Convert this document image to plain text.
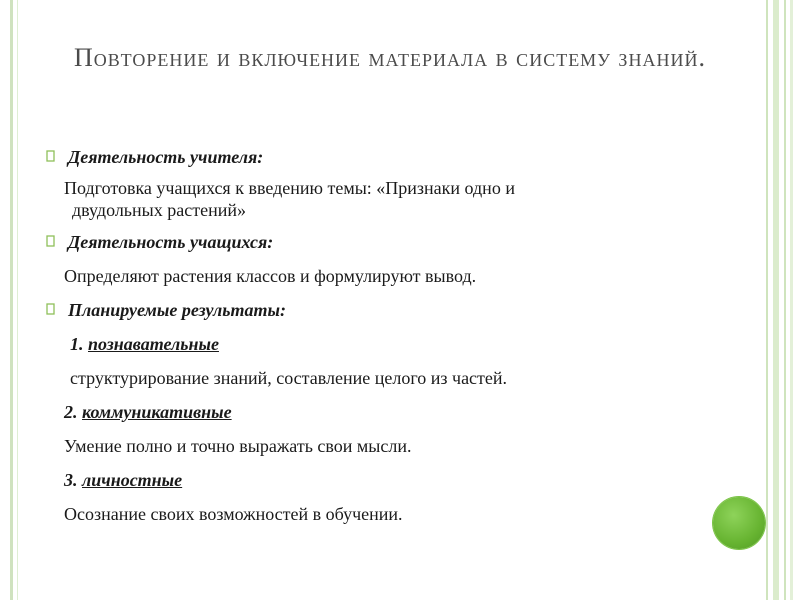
Повторение и включение материала в систему знаний.
Деятельность учителя:
Подготовка учащихся к введению темы: «Признаки одно и
двудольных растений»
Деятельность учащихся:
Определяют растения классов и формулируют вывод.
Планируемые результаты:
1. познавательные
структурирование знаний, составление целого из частей.
2. коммуникативные
Умение полно и точно выражать свои мысли.
3. личностные
Осознание своих возможностей в обучении.
